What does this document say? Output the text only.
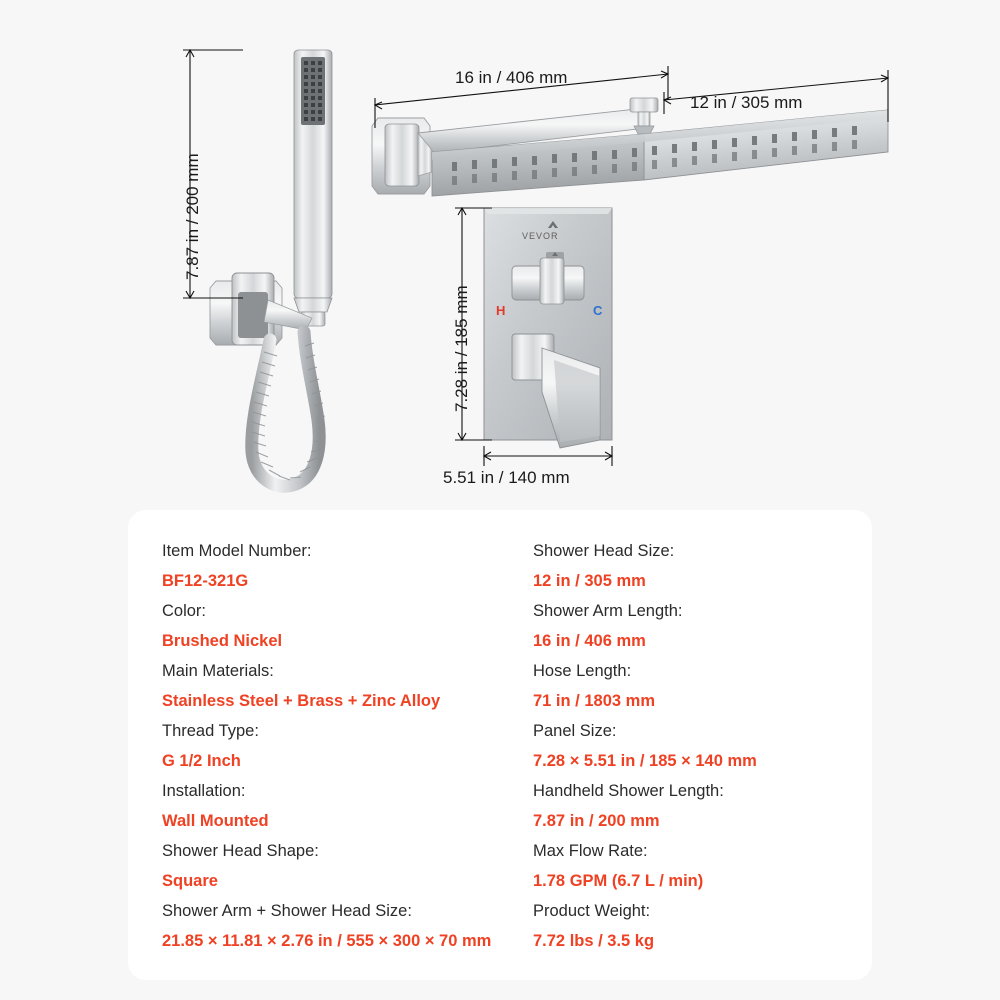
VEVOR
H	C
7.87 in / 200 mm
16 in / 406 mm
12 in / 305 mm
7.28 in / 185 mm
5.51 in / 140 mm
Item Model Number:
BF12-321G
Color:
Brushed Nickel
Main Materials:
Stainless Steel + Brass + Zinc Alloy
Thread Type:
G 1/2 Inch
Installation:
Wall Mounted
Shower Head Shape:
Square
Shower Arm + Shower Head Size:
21.85 × 11.81 × 2.76 in / 555 × 300 × 70 mm
Shower Head Size:
12 in / 305 mm
Shower Arm Length:
16 in / 406 mm
Hose Length:
71 in / 1803 mm
Panel Size:
7.28 × 5.51 in / 185 × 140 mm
Handheld Shower Length:
7.87 in / 200 mm
Max Flow Rate:
1.78 GPM (6.7 L / min)
Product Weight:
7.72 lbs / 3.5 kg
